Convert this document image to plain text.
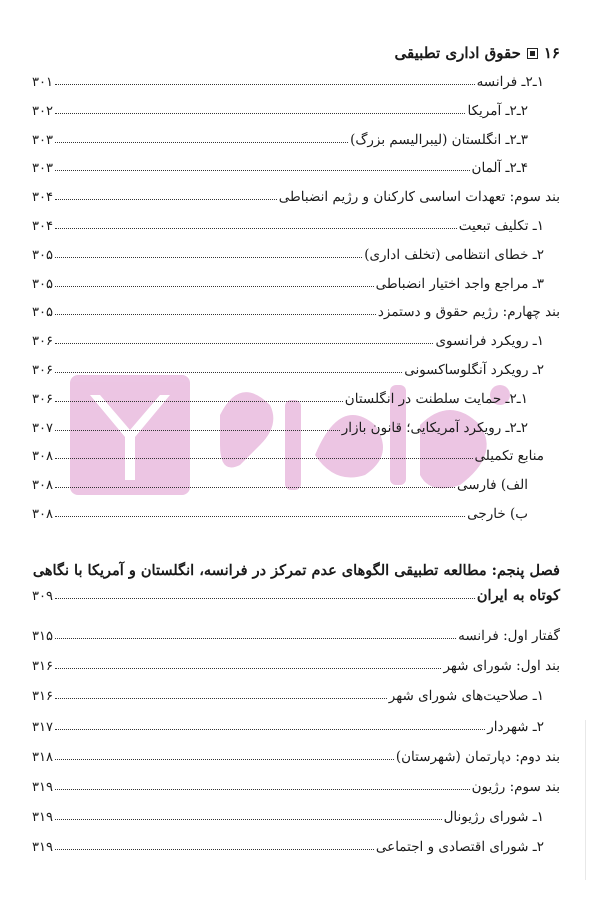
۱۶
حقوق اداری تطبیقی
۱ـ۲ـ فرانسه
۳۰۱
۲ـ۲ـ آمریکا
۳۰۲
۳ـ۲ـ انگلستان (لیبرالیسم بزرگ)
۳۰۳
۴ـ۲ـ آلمان
۳۰۳
بند سوم: تعهدات اساسی کارکنان و رژیم انضباطی
۳۰۴
۱ـ تکلیف تبعیت
۳۰۴
۲ـ خطای انتظامی (تخلف اداری)
۳۰۵
۳ـ مراجع واجد اختیار انضباطی
۳۰۵
بند چهارم: رژیم حقوق و دستمزد
۳۰۵
۱ـ رویکرد فرانسوی
۳۰۶
۲ـ رویکرد آنگلوساکسونی
۳۰۶
۱ـ۲ـ حمایت سلطنت در انگلستان
۳۰۶
۲ـ۲ـ رویکرد آمریکایی؛ قانون بازار
۳۰۷
منابع تکمیلی
۳۰۸
الف) فارسی
۳۰۸
ب) خارجی
۳۰۸
فصل پنجم: مطالعه تطبیقی الگوهای عدم تمرکز در فرانسه، انگلستان و آمریکا با نگاهی
کوتاه به ایران
۳۰۹
گفتار اول: فرانسه
۳۱۵
بند اول: شورای شهر
۳۱۶
۱ـ صلاحیت‌های شورای شهر
۳۱۶
۲ـ شهردار
۳۱۷
بند دوم: دپارتمان (شهرستان)
۳۱۸
بند سوم: رژیون
۳۱۹
۱ـ شورای رژیونال
۳۱۹
۲ـ شورای اقتصادی و اجتماعی
۳۱۹
